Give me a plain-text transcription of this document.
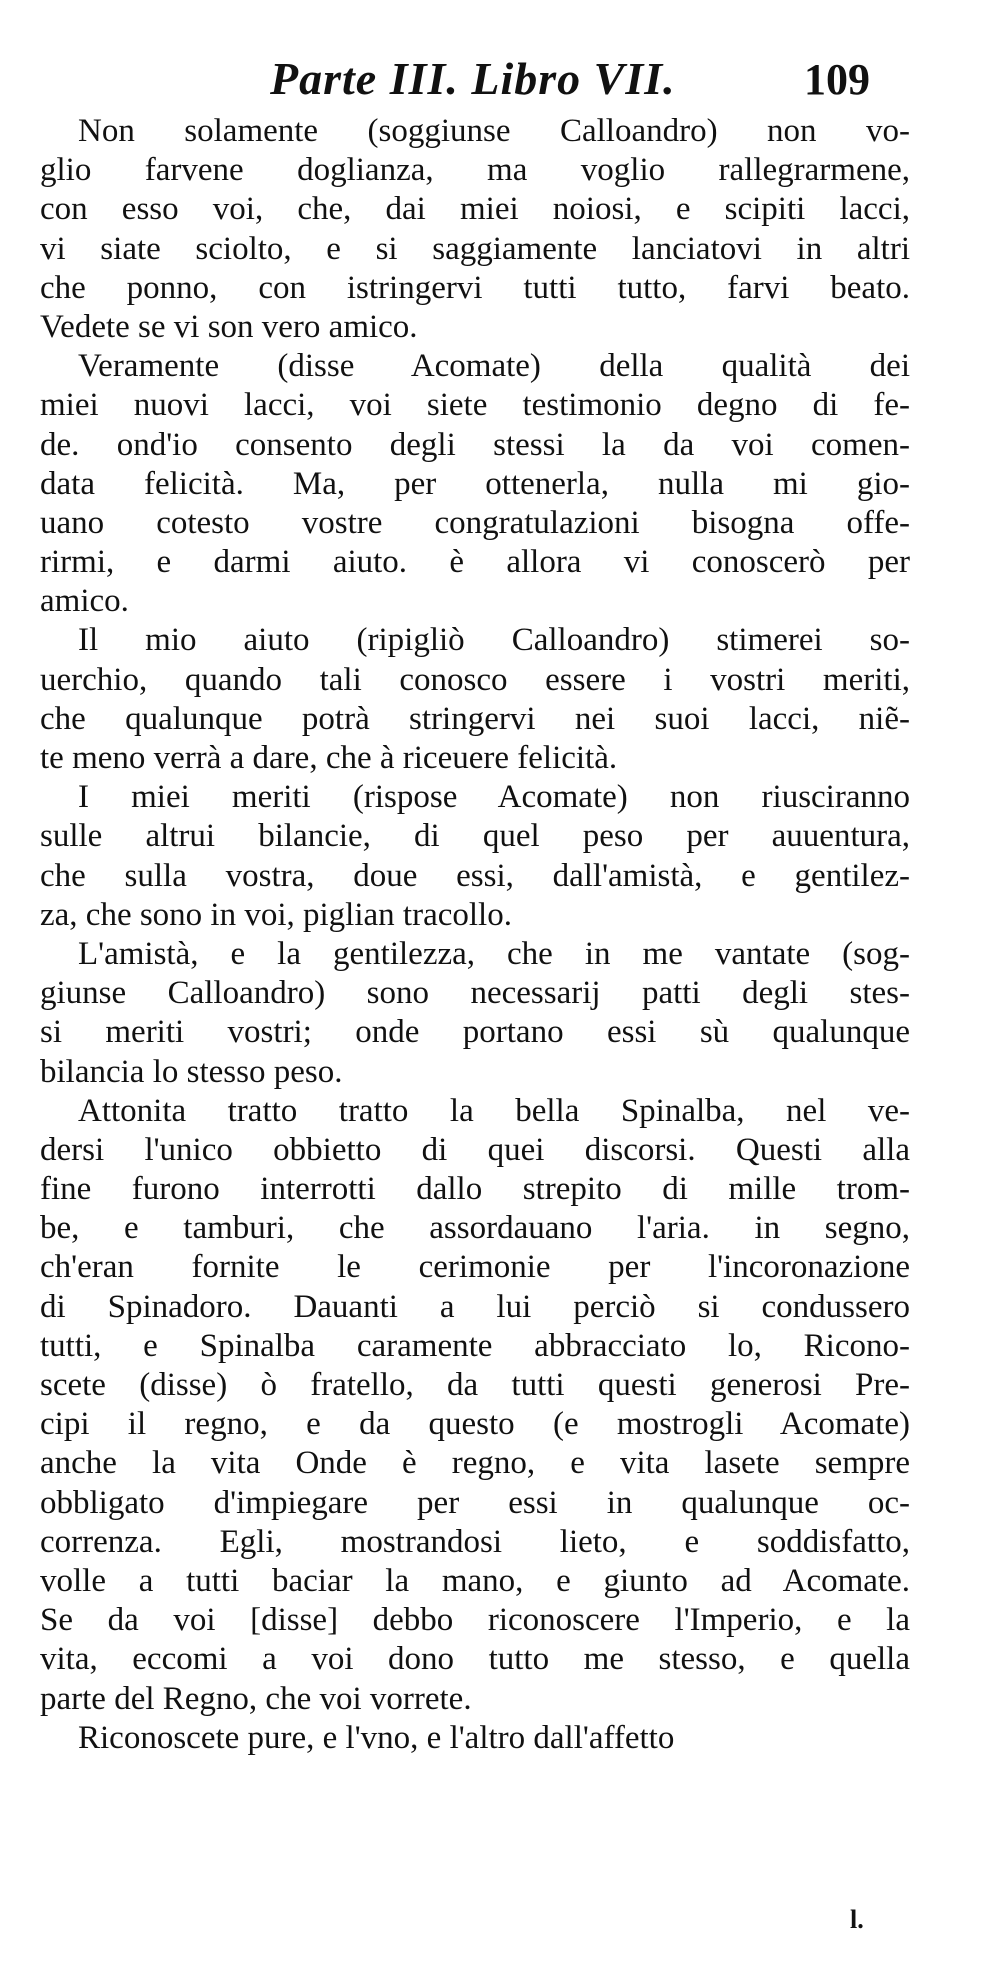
Parte III. Libro VII.	109
Non solamente (soggiunse Calloandro) non vo-
glio farvene doglianza, ma voglio rallegrarmene,
con esso voi, che, dai miei noiosi, e scipiti lacci,
vi siate sciolto, e si saggiamente lanciatovi in altri
che ponno, con istringervi tutti tutto, farvi beato.
Vedete se vi son vero amico.
Veramente (disse Acomate) della qualità dei
miei nuovi lacci, voi siete testimonio degno di fe-
de. ond'io consento degli stessi la da voi comen-
data felicità. Ma, per ottenerla, nulla mi gio-
uano cotesto vostre congratulazioni bisogna offe-
rirmi, e darmi aiuto. è allora vi conoscerò per
amico.
Il mio aiuto (ripigliò Calloandro) stimerei so-
uerchio, quando tali conosco essere i vostri meriti,
che qualunque potrà stringervi nei suoi lacci, niẽ-
te meno verrà a dare, che à riceuere felicità.
I miei meriti (rispose Acomate) non riusciranno
sulle altrui bilancie, di quel peso per auuentura,
che sulla vostra, doue essi, dall'amistà, e gentilez-
za, che sono in voi, piglian tracollo.
L'amistà, e la gentilezza, che in me vantate (sog-
giunse Calloandro) sono necessarij patti degli stes-
si meriti vostri; onde portano essi sù qualunque
bilancia lo stesso peso.
Attonita tratto tratto la bella Spinalba, nel ve-
dersi l'unico obbietto di quei discorsi. Questi alla
fine furono interrotti dallo strepito di mille trom-
be, e tamburi, che assordauano l'aria. in segno,
ch'eran fornite le cerimonie per l'incoronazione
di Spinadoro. Dauanti a lui perciò si condussero
tutti, e Spinalba caramente abbracciato lo, Ricono-
scete (disse) ò fratello, da tutti questi generosi Pre-
cipi il regno, e da questo (e mostrogli Acomate)
anche la vita Onde è regno, e vita lasete sempre
obbligato d'impiegare per essi in qualunque oc-
correnza. Egli, mostrandosi lieto, e soddisfatto,
volle a tutti baciar la mano, e giunto ad Acomate.
Se da voi [disse] debbo riconoscere l'Imperio, e la
vita, eccomi a voi dono tutto me stesso, e quella
parte del Regno, che voi vorrete.
Riconoscete pure, e l'vno, e l'altro dall'affetto
l.
